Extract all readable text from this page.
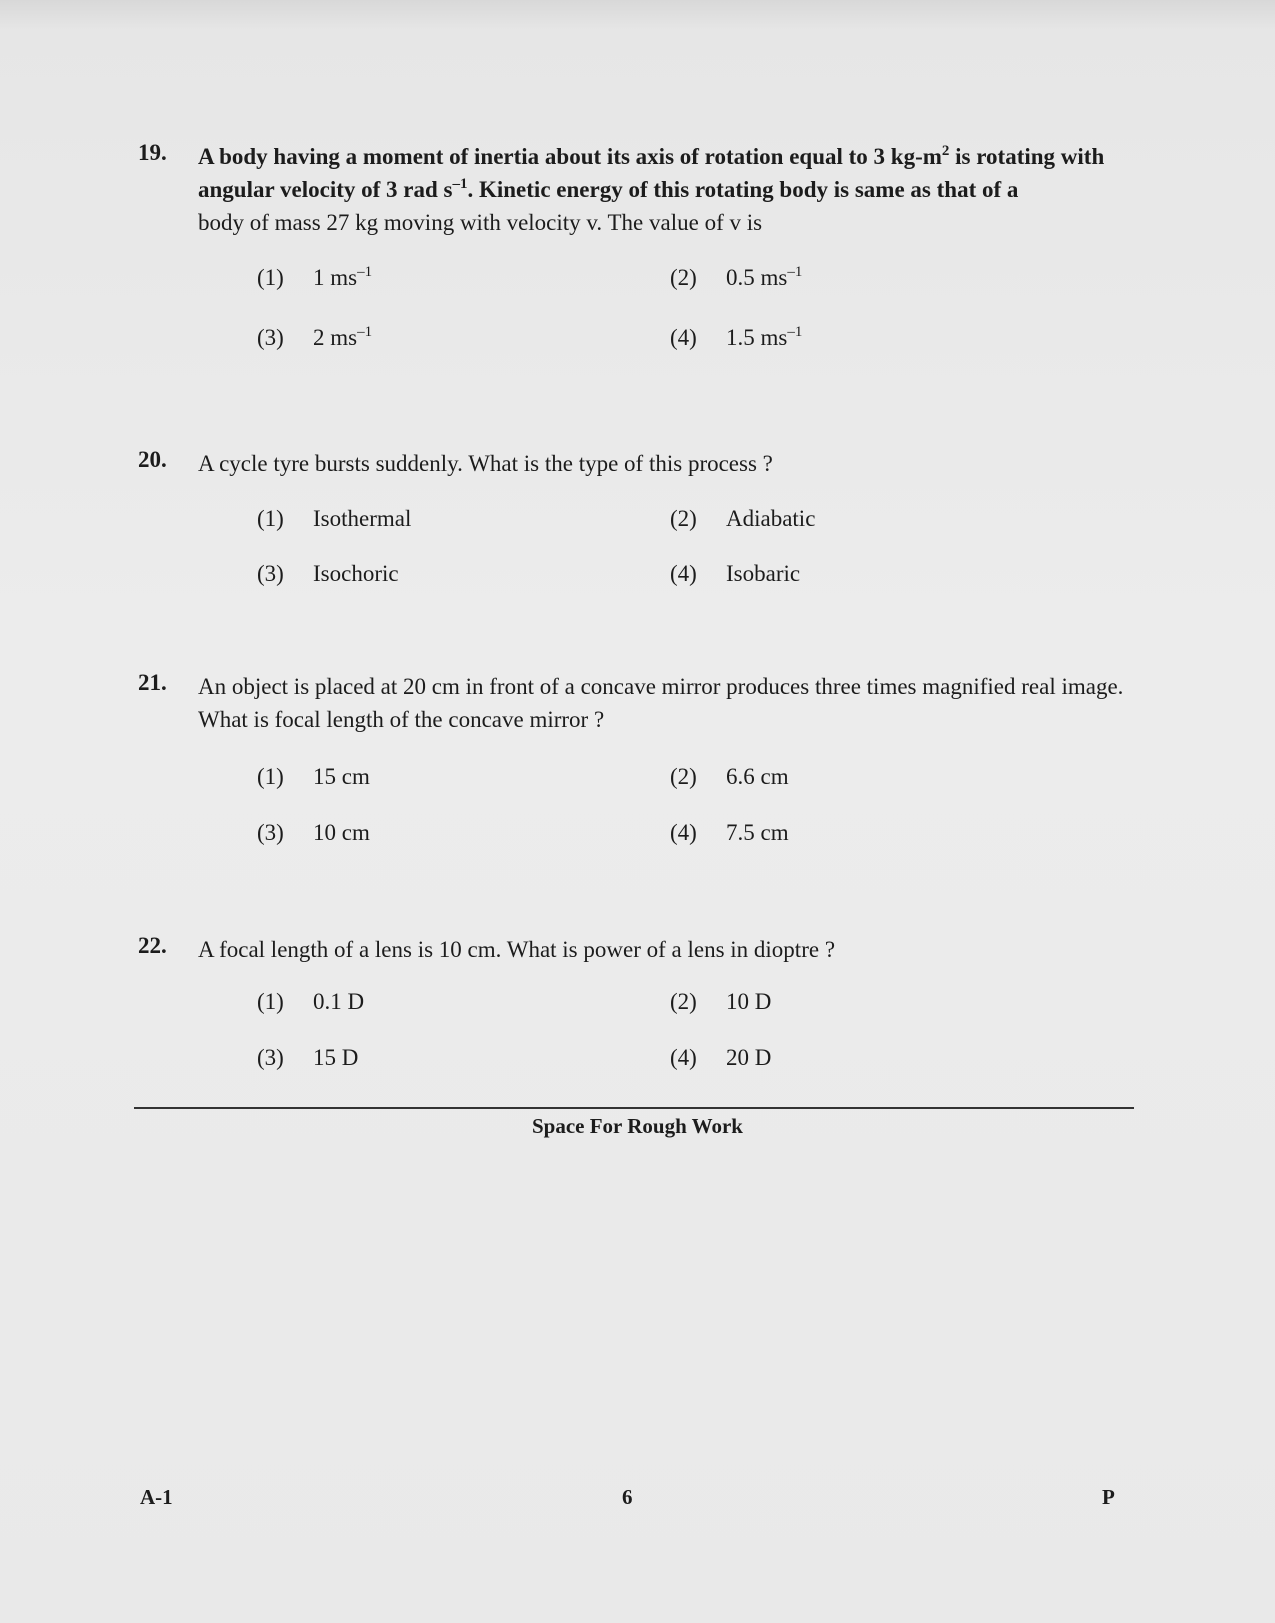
19. A body having a moment of inertia about its axis of rotation equal to 3 $kg-m^2$ is rotating with angular velocity of 3 rad $s^{-1}$. Kinetic energy of this rotating body is same as that of a
body of mass 27 kg moving with velocity v. The value of v is
(1) 1 $ms^{-1}$	(2) 0.5 $ms^{-1}$
(3) 2 $ms^{-1}$	(4) 1.5 $ms^{-1}$
20. A cycle tyre bursts suddenly. What is the type of this process ?
(1) Isothermal	(2) Adiabatic
(3) Isochoric	(4) Isobaric
21. An object is placed at 20 cm in front of a concave mirror produces three times magnified real image. What is focal length of the concave mirror ?
(1) 15 cm	(2) 6.6 cm
(3) 10 cm	(4) 7.5 cm
22. A focal length of a lens is 10 cm. What is power of a lens in dioptre ?
(1) 0.1 D	(2) 10 D
(3) 15 D	(4) 20 D
Space For Rough Work
A-1	6	P
